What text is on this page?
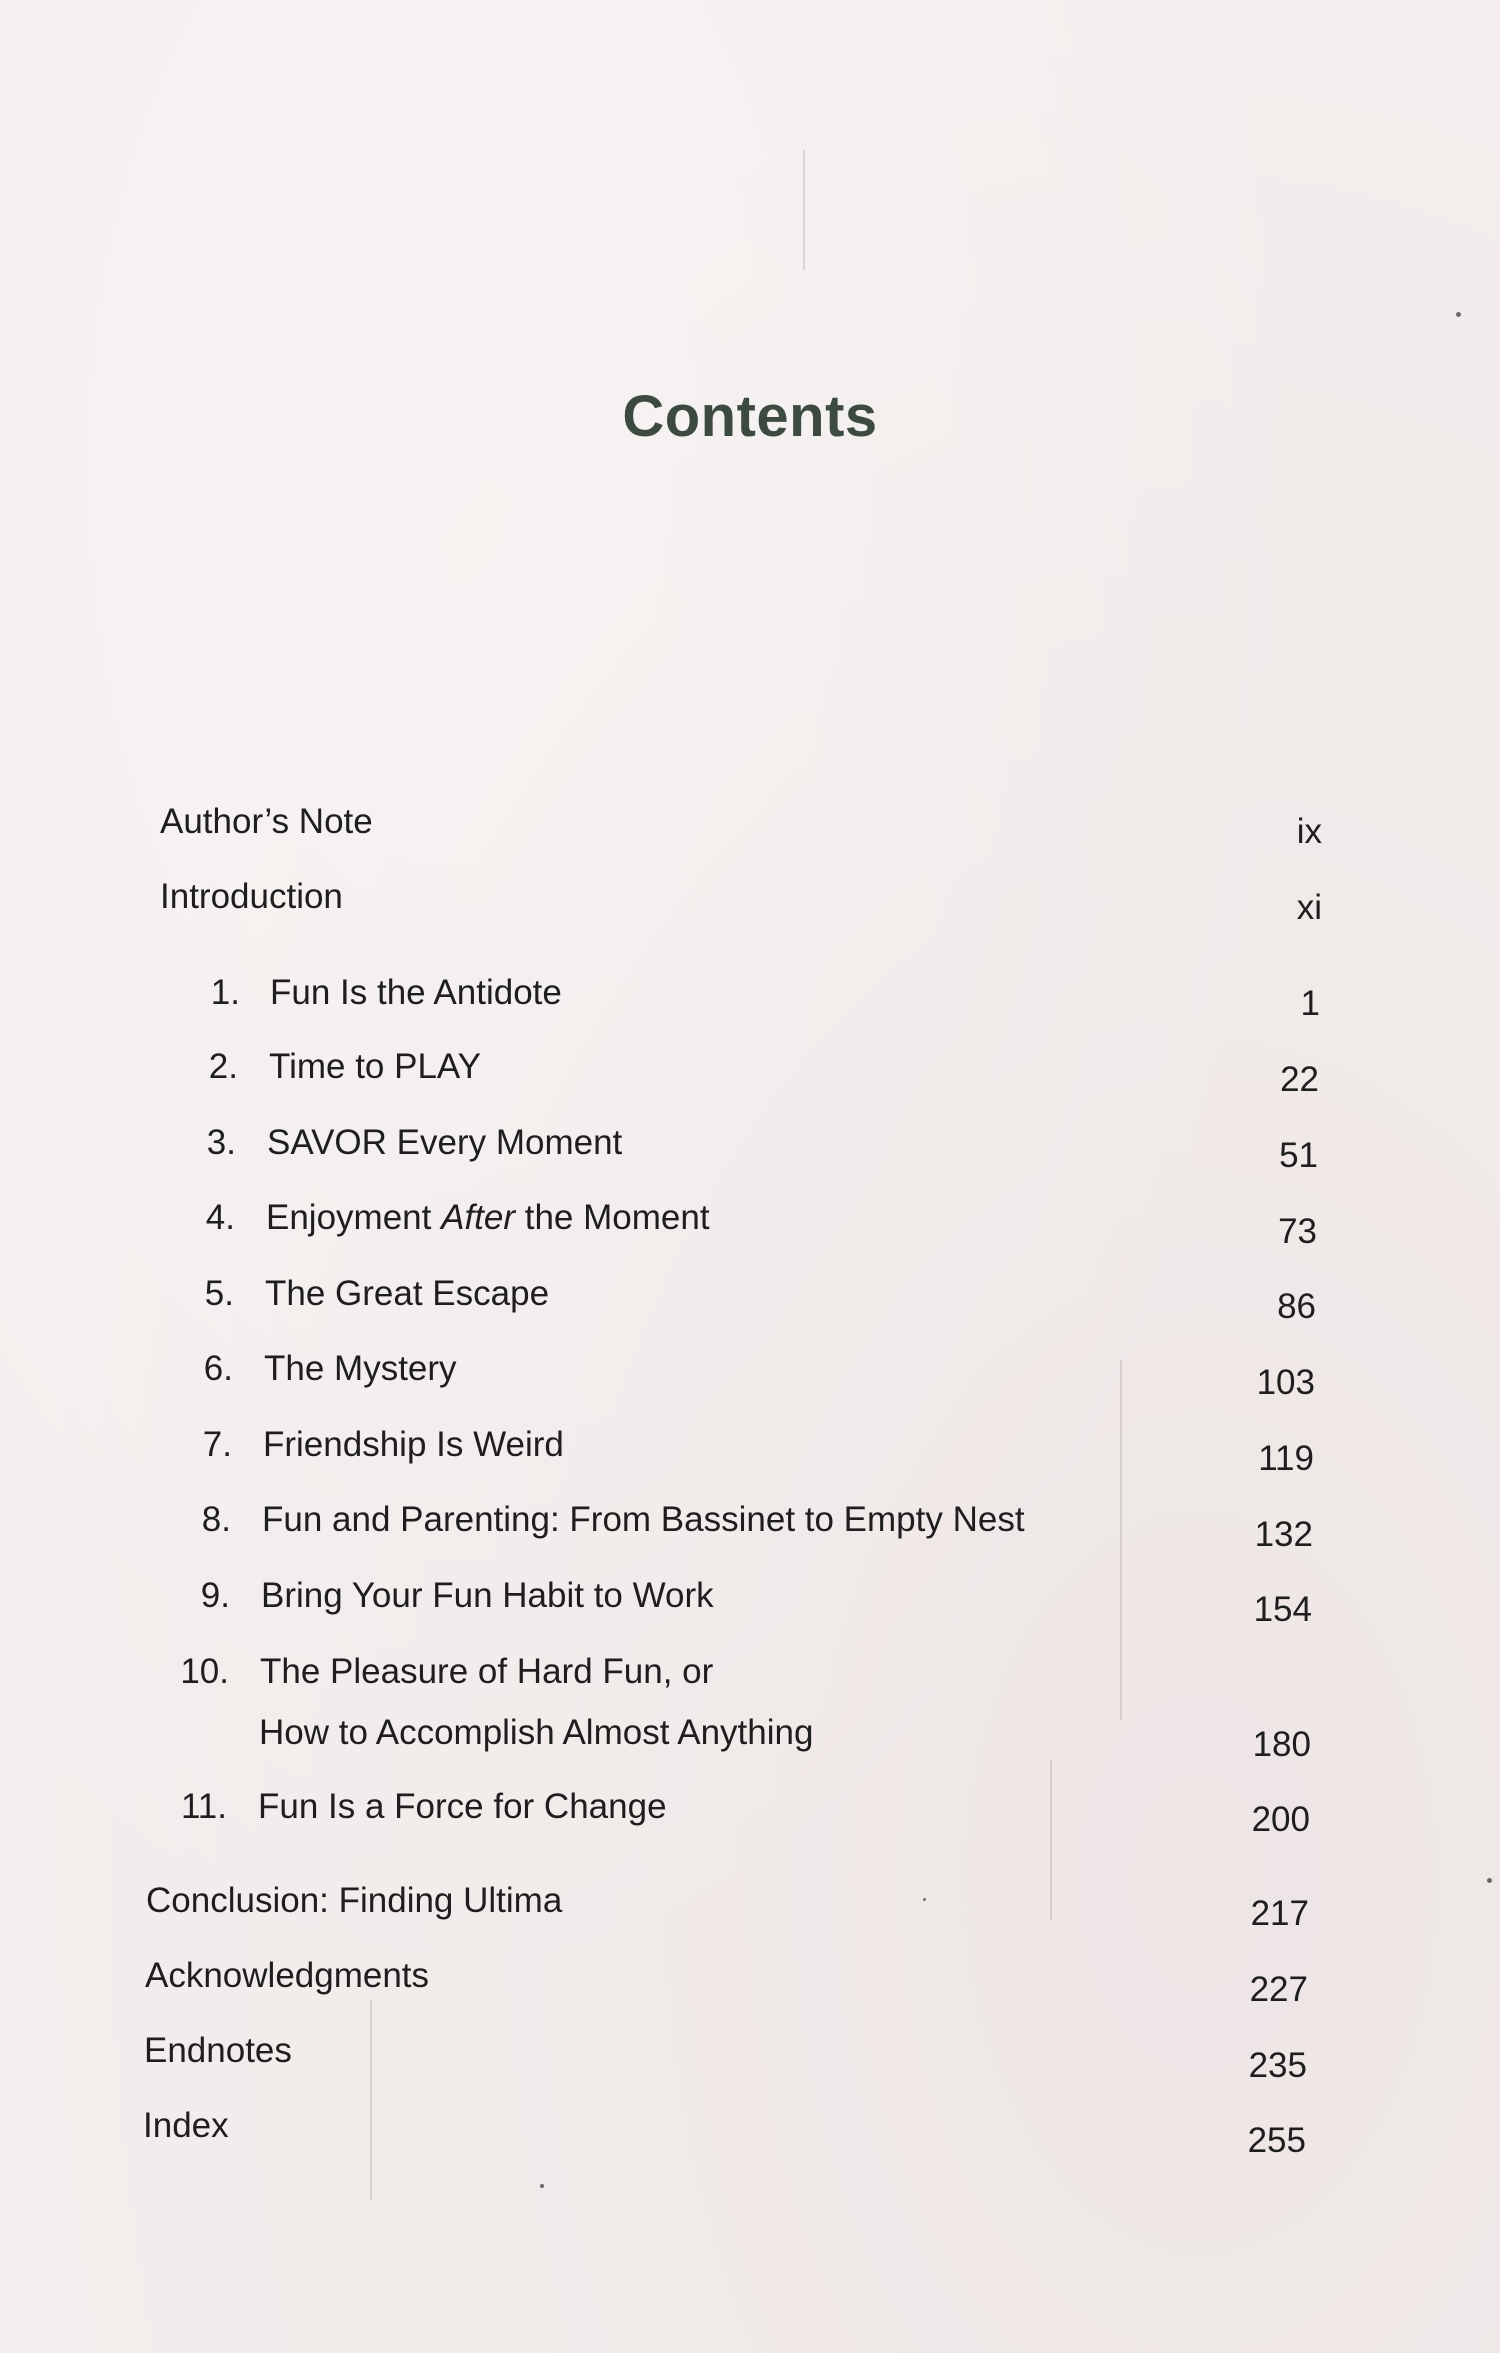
Contents
Author’s Note	ix
Introduction	xi
1. Fun Is the Antidote	1
2. Time to PLAY	22
3. SAVOR Every Moment	51
4. Enjoyment After the Moment	73
5. The Great Escape	86
6. The Mystery	103
7. Friendship Is Weird	119
8. Fun and Parenting: From Bassinet to Empty Nest	132
9. Bring Your Fun Habit to Work	154
10. The Pleasure of Hard Fun, or
How to Accomplish Almost Anything	180
11. Fun Is a Force for Change	200
Conclusion: Finding Ultima	217
Acknowledgments	227
Endnotes	235
Index	255
